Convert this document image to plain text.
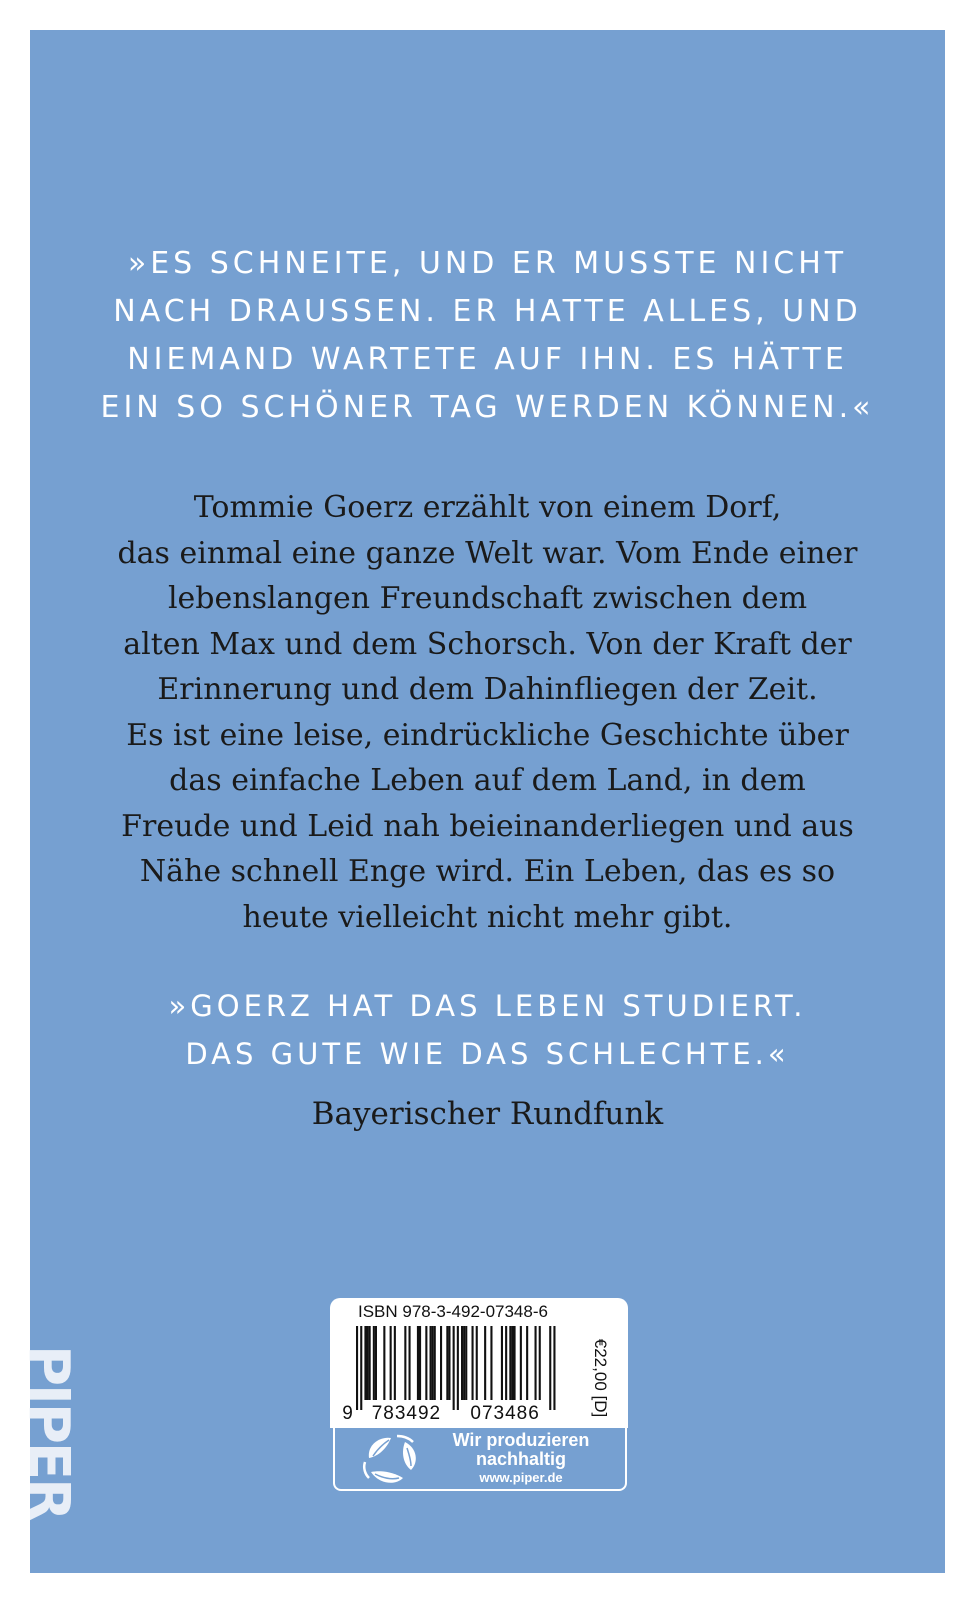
»ES SCHNEITE, UND ER MUSSTE NICHT
NACH DRAUSSEN. ER HATTE ALLES, UND
NIEMAND WARTETE AUF IHN. ES HÄTTE
EIN SO SCHÖNER TAG WERDEN KÖNNEN.«
Tommie Goerz erzählt von einem Dorf,
das einmal eine ganze Welt war. Vom Ende einer
lebenslangen Freundschaft zwischen dem
alten Max und dem Schorsch. Von der Kraft der
Erinnerung und dem Dahinfliegen der Zeit.
Es ist eine leise, eindrückliche Geschichte über
das einfache Leben auf dem Land, in dem
Freude und Leid nah beieinanderliegen und aus
Nähe schnell Enge wird. Ein Leben, das es so
heute vielleicht nicht mehr gibt.
»GOERZ HAT DAS LEBEN STUDIERT.
DAS GUTE WIE DAS SCHLECHTE.«
Bayerischer Rundfunk
PIPER
ISBN 978-3-492-07348-6
9 783492 073486	€22,00 [D]
Wir produzieren
nachhaltig
www.piper.de
